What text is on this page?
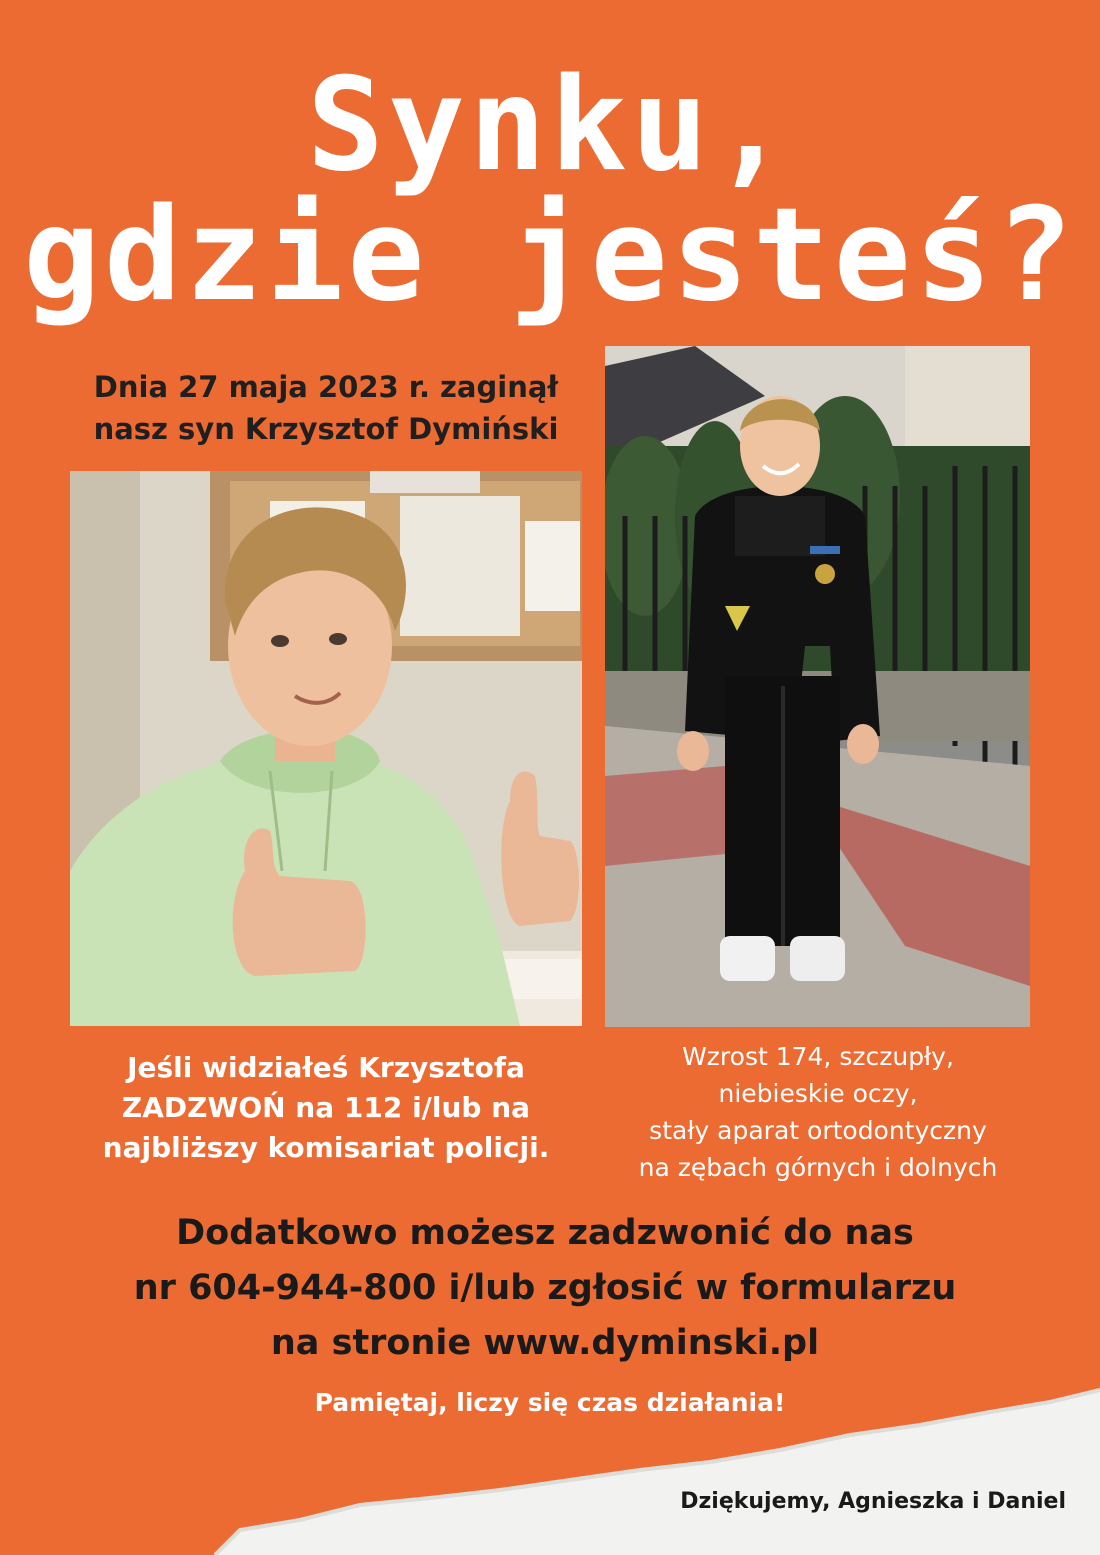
Synku,
gdzie jesteś?
Dnia 27 maja 2023 r. zaginął
nasz syn Krzysztof Dymiński
Jeśli widziałeś Krzysztofa
ZADZWOŃ na 112 i/lub na
najbliższy komisariat policji.
Wzrost 174, szczupły,
niebieskie oczy,
stały aparat ortodontyczny
na zębach górnych i dolnych
Dodatkowo możesz zadzwonić do nas
nr 604-944-800 i/lub zgłosić w formularzu
na stronie www.dyminski.pl
Pamiętaj, liczy się czas działania!
Dziękujemy, Agnieszka i Daniel
